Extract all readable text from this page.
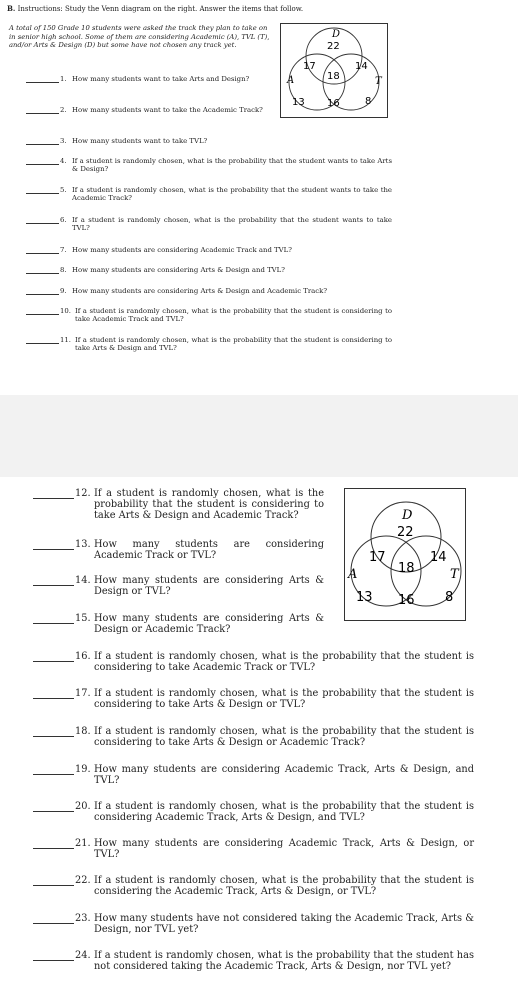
B. Instructions: Study the Venn diagram on the right. Answer the items that follow.
A total of 150 Grade 10 students were asked the track they plan to take on in senior high school. Some of them are considering Academic (A), TVL (T), and/or Arts & Design (D) but some have not chosen any track yet.
D
A	T
22
17	14
18
13 16	8
1. How many students want to take Arts and Design?
2. How many students want to take the Academic Track?
3. How many students want to take TVL?
4. If a student is randomly chosen, what is the probability that the student wants to take Arts & Design?
5. If a student is randomly chosen, what is the probability that the student wants to take the Academic Track?
6. If a student is randomly chosen, what is the probability that the student wants to take TVL?
7. How many students are considering Academic Track and TVL?
8. How many students are considering Arts & Design and TVL?
9. How many students are considering Arts & Design and Academic Track?
10. If a student is randomly chosen, what is the probability that the student is considering to take Academic Track and TVL?
11. If a student is randomly chosen, what is the probability that the student is considering to take Arts & Design and TVL?
D
A	T
22
17	14
18
13 16 8
12. If a student is randomly chosen, what is the probability that the student is considering to take Arts & Design and Academic Track?
13. How many students are considering Academic Track or TVL?
14. How many students are considering Arts & Design or TVL?
15. How many students are considering Arts & Design or Academic Track?
16. If a student is randomly chosen, what is the probability that the student is considering to take Academic Track or TVL?
17. If a student is randomly chosen, what is the probability that the student is considering to take Arts & Design or TVL?
18. If a student is randomly chosen, what is the probability that the student is considering to take Arts & Design or Academic Track?
19. How many students are considering Academic Track, Arts & Design, and TVL?
20. If a student is randomly chosen, what is the probability that the student is considering Academic Track, Arts & Design, and TVL?
21. How many students are considering Academic Track, Arts & Design, or TVL?
22. If a student is randomly chosen, what is the probability that the student is considering the Academic Track, Arts & Design, or TVL?
23. How many students have not considered taking the Academic Track, Arts & Design, nor TVL yet?
24. If a student is randomly chosen, what is the probability that the student has not considered taking the Academic Track, Arts & Design, nor TVL yet?
